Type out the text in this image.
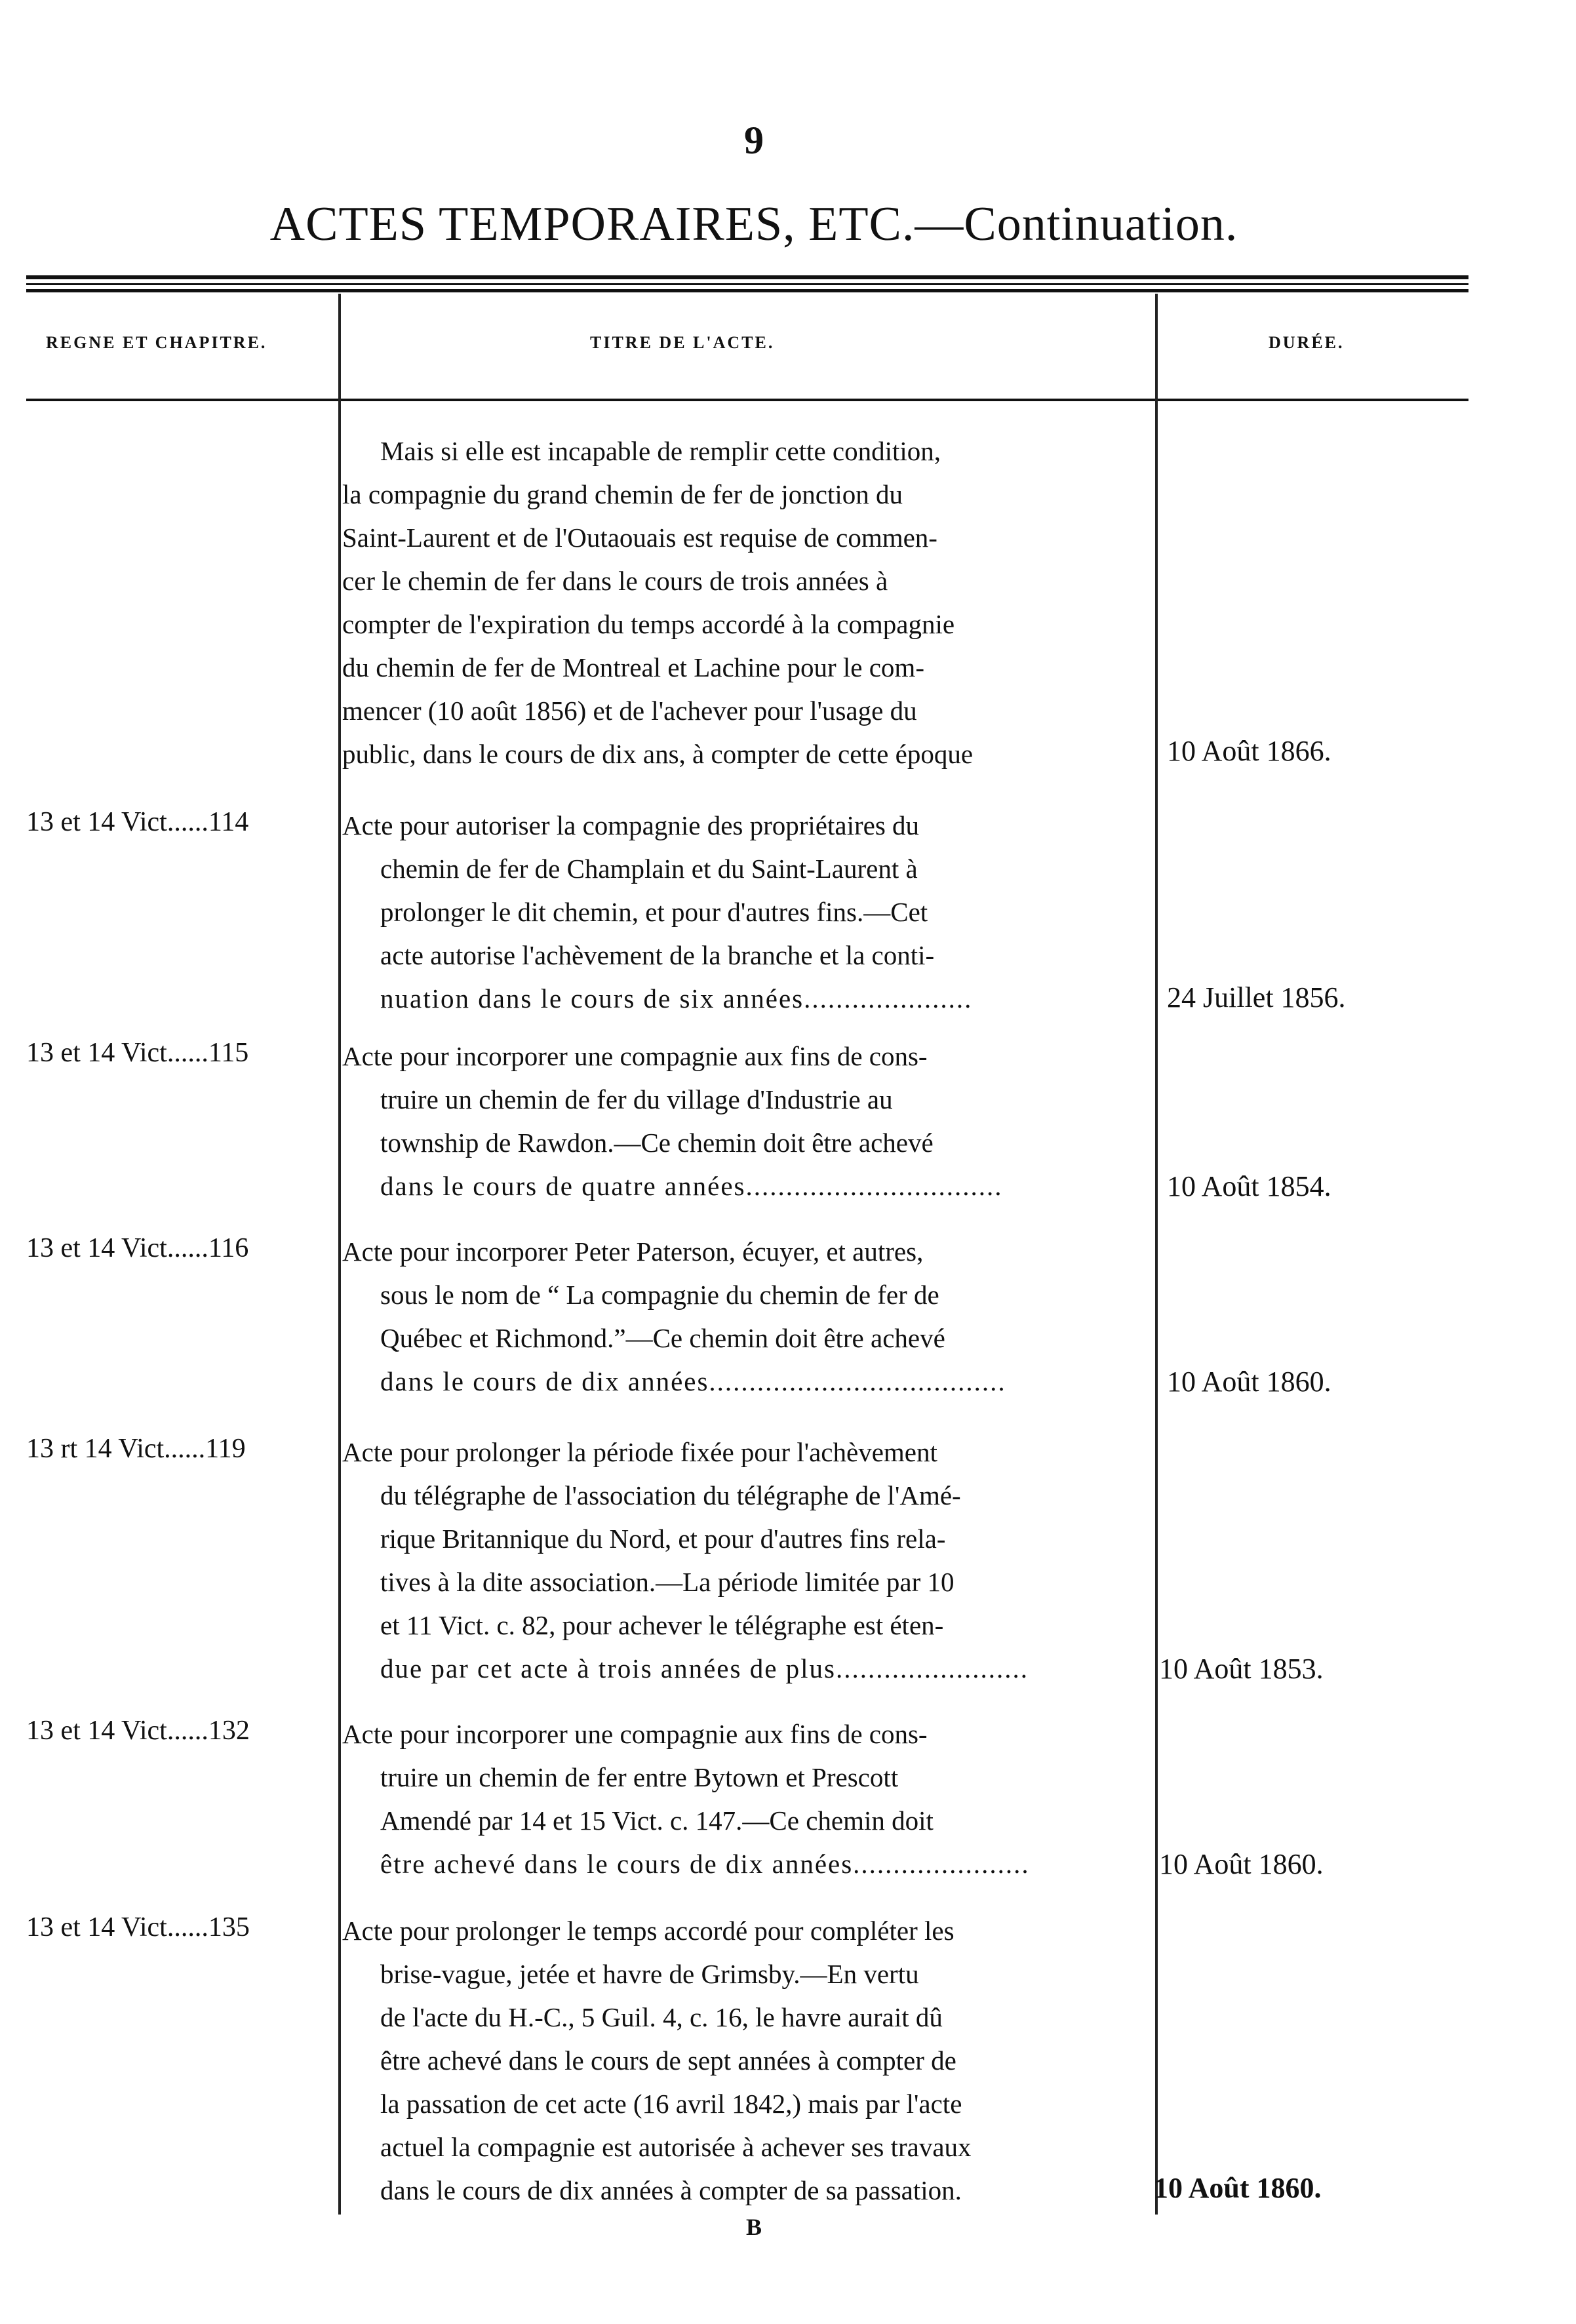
9
ACTES TEMPORAIRES, ETC.—Continuation.
REGNE ET CHAPITRE.	TITRE DE L'ACTE.	DURÉE.
Mais si elle est incapable de remplir cette condition,
la compagnie du grand chemin de fer de jonction du
Saint-Laurent et de l'Outaouais est requise de commen-
cer le chemin de fer dans le cours de trois années à
compter de l'expiration du temps accordé à la compagnie
du chemin de fer de Montreal et Lachine pour le com-
mencer (10 août 1856) et de l'achever pour l'usage du
public, dans le cours de dix ans, à compter de cette époque	10 Août 1866.
13 et 14 Vict......114	Acte pour autoriser la compagnie des propriétaires du
chemin de fer de Champlain et du Saint-Laurent à
prolonger le dit chemin, et pour d'autres fins.—Cet
acte autorise l'achèvement de la branche et la conti-
nuation dans le cours de six années.....................	24 Juillet 1856.
13 et 14 Vict......115	Acte pour incorporer une compagnie aux fins de cons-
truire un chemin de fer du village d'Industrie au
township de Rawdon.—Ce chemin doit être achevé
dans le cours de quatre années................................	10 Août 1854.
13 et 14 Vict......116	Acte pour incorporer Peter Paterson, écuyer, et autres,
sous le nom de “ La compagnie du chemin de fer de
Québec et Richmond.”—Ce chemin doit être achevé
dans le cours de dix années.....................................	10 Août 1860.
13 rt 14 Vict......119	Acte pour prolonger la période fixée pour l'achèvement
du télégraphe de l'association du télégraphe de l'Amé-
rique Britannique du Nord, et pour d'autres fins rela-
tives à la dite association.—La période limitée par 10
et 11 Vict. c. 82, pour achever le télégraphe est éten-
due par cet acte à trois années de plus........................	10 Août 1853.
13 et 14 Vict......132	Acte pour incorporer une compagnie aux fins de cons-
truire un chemin de fer entre Bytown et Prescott
Amendé par 14 et 15 Vict. c. 147.—Ce chemin doit
être achevé dans le cours de dix années......................	10 Août 1860.
13 et 14 Vict......135	Acte pour prolonger le temps accordé pour compléter les
brise-vague, jetée et havre de Grimsby.—En vertu
de l'acte du H.-C., 5 Guil. 4, c. 16, le havre aurait dû
être achevé dans le cours de sept années à compter de
la passation de cet acte (16 avril 1842,) mais par l'acte
actuel la compagnie est autorisée à achever ses travaux
dans le cours de dix années à compter de sa passation.	10 Août 1860.
B
